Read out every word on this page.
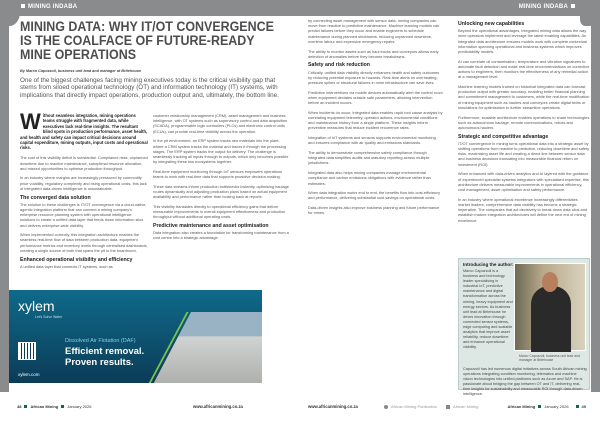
MINING INDABA
MINING DATA: WHY IT/OT CONVERGENCE IS THE COALFACE OF FUTURE-READY MINE OPERATIONS
By Marco Capozzoli, business unit lead and manager at Britehouse
One of the biggest challenges facing mining executives today is the critical visibility gap that stems from siloed operational technology (OT) and information technology (IT) systems, with implications that directly impact operations, production output and, ultimately, the bottom line.

Without seamless integration, mining operations teams struggle with fragmented data, while executives lack real-time insights. The resultant blind spots in production performance, asset health, and health and safety can impact critical decisions around capital expenditure, mining outputs, input costs and operational risks.

The cost of this visibility deficit is substantial. Compliance risks, unplanned downtime due to reactive maintenance, suboptimal resource allocation, and missed opportunities to optimise production throughput.

In an industry where margins are increasingly pressured by commodity price volatility, regulatory complexity and rising operational costs, this lack of integrated data-driven intelligence is unsustainable.

The converged data solution

The solution to these challenges is IT/OT convergence via a cloud-native, agentic integration platform that can connect a mining company's enterprise resource planning system with operational intelligence solutions to create a unified data layer that feeds down information silos and delivers enterprise-wide visibility.

When implemented correctly, this integration architecture enables the seamless real-time flow of data between production data, equipment performance metrics and inventory levels through centralised dashboards, creating a single source of truth that spans the pit to the boardroom.

Enhanced operational visibility and efficiency

A unified data layer that connects IT systems, such as

customer relationship management (CRM), asset management and business intelligence, with OT systems such as supervisory control and data acquisition (SCADA), programmable logic controllers (PLCs) and electronic control units (ECUs), can provide real-time visibility across the operation.

In the pit environment, an ERP system tracks raw materials into the plant, where a CRM system tracks the material and traces it through the processing stages. The ERP system tracks the output for delivery. The challenge is seamlessly tracking all inputs through to outputs, which only becomes possible by integrating these two ecosystems together.

Real-time equipment monitoring through IoT sensors empowers operations teams to work with real-time data that supports proactive decision-making.

These data streams inform production bottlenecks instantly, optimising haulage routes dynamically and adjusting production plans based on actual equipment availability and performance rather than looking back at reports.

This visibility translates directly to operational efficiency gains that deliver measurable improvements in overall equipment effectiveness and production throughput without additional operating costs.

Predictive maintenance and asset optimisation

Data integration also creates a foundation for transforming maintenance from a cost centre into a strategic advantage.

xylem
Let's Solve Water
xylem.com
Dissolved Air Flotation (DAF)
Efficient removal.
Proven results.
48 African Mining January 2026	www.africanmining.co.za
MINING INDABA

by connecting asset management with sensor data, mining companies can move from reactive to predictive maintenance. Machine learning models can predict failures before they occur and enable engineers to schedule maintenance during planned shutdowns, reducing unplanned downtime, overtime labour and expensive emergency repairs.

The ability to monitor assets such as haul trucks and conveyors allows early detection of anomalies before they become breakdowns.

Safety and risk reduction

Critically, unified data visibility directly enhances health and safety outcomes by reducing potential exposure to hazards. Real-time alerts on overheating, pressure spikes or structural failures in mine infrastructure can save lives.

Predictive interventions via mobile devices automatically alert the control room when equipment deviates outside safe parameters, allowing intervention before an incident occurs.

When incidents do occur, integrated data enables rapid root cause analysis by correlating equipment telemetry, operator actions, environmental conditions and maintenance history from a single platform. These insights inform preventive measures that reduce incident recurrence rates.

Integration of IoT systems and sensors supports environmental monitoring and ensures compliance with air quality and emissions standards.

The ability to demonstrate comprehensive safety compliance through integrated data simplifies audits and statutory reporting across multiple jurisdictions.

Integrated data also helps mining companies manage environmental compliance and carbon emissions obligations with evidence rather than estimates.

When data integration works end to end, the benefits flow into cost-efficiency and performance, delivering substantial cost savings on operational costs.

Data-driven insights also improve business planning and future performance for mines.

Unlocking new capabilities

Beyond the operational advantages, integrated mining data allows the way mine operators implement and leverage the latest enabling capabilities. An integrated data architecture ensures models work with complete contextual information spanning operational and business systems which improves predictability models.

AI can correlate oil contamination, temperature and vibration signatures to automate fault detection and make real-time recommendations on corrective actions to engineers, then monitors the effectiveness of any remedial action at a management level.

Machine learning models trained on historical integrated data can forecast production output with greater accuracy, enabling better financial planning and commitment management to customers, while the real-time modification of mining equipment such as haulers and conveyors create digital twins or simulations for optimisation to further streamline operations.

Furthermore, scalable architecture enables operations to share technologies such as autonomous haulage, remote communications, robots and autonomous haulers.

Strategic and competitive advantage

IT/OT convergence in mining turns operational data into a strategic asset by shifting operations from reactive to predictive, reducing downtime and safety risks, maximising asset life and creating a direct line between sensor data and business decisions translating into measurable financial return on investment (ROI).

When enhanced with data-driven analytics and AI layered with the guidance of experienced specialist systems integrators with specialised expertise, this architecture delivers measurable improvements in operational efficiency, cost management, asset optimisation and safety performance.

In an industry where operational excellence increasingly differentiates market leaders, comprehensive data visibility has become a strategic imperative. The companies that act decisively to break down data silos and establish mature integration architectures will define the next era of mining excellence.

Introducing the author:
Marco Capozzoli is a business and technology leader specialising in industrial IoT, predictive maintenance and digital transformation across the mining, heavy equipment and energy sectors. As business unit lead at Britehouse he drives innovation through connected sensor systems, edge computing and scalable analytics that improve asset reliability, reduce downtime and enhance operational visibility.
Marco Capozzoli, business unit lead and manager at Britehouse
Capozzoli has led numerous digital initiatives across South African mining operations integrating condition monitoring, telematics and machine vision technologies into unified platforms such as Azure and SAP. He is passionate about bridging the gap between OT and IT, delivering real-time insights for sustainability and measurable ROI through data-driven intelligence.
www.africanmining.co.za	African Mining Publication	African Mining	African Mining January 2026	49
